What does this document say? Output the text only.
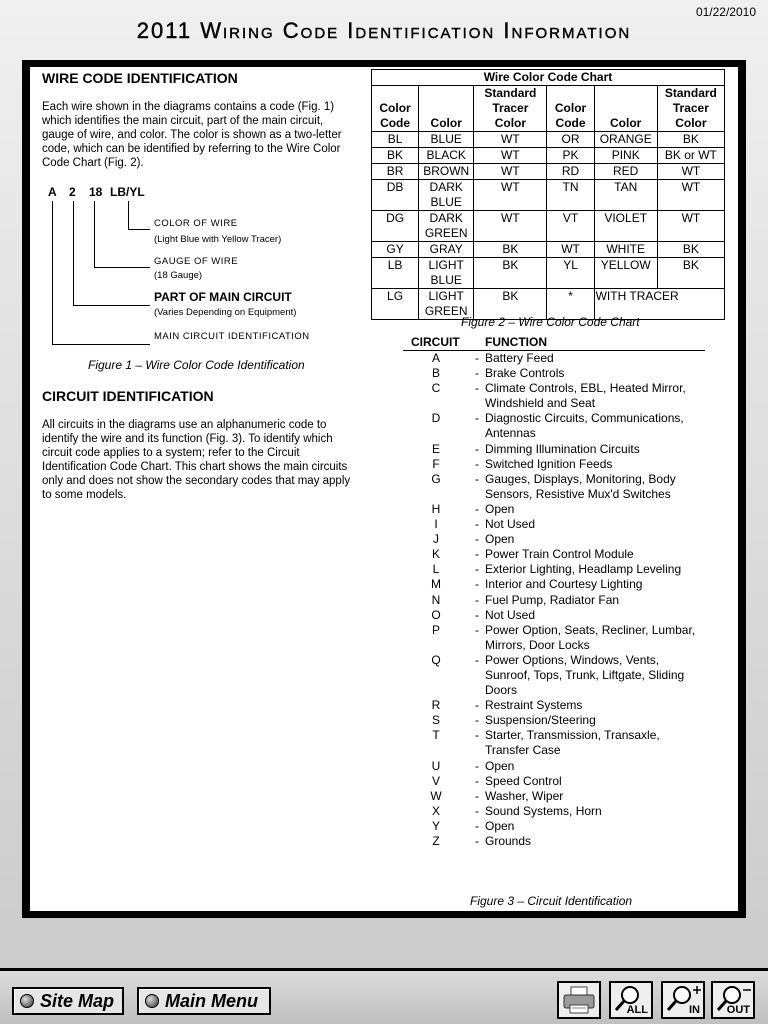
01/22/2010
2011 Wiring Code Identification Information
WIRE CODE IDENTIFICATION

Each wire shown in the diagrams contains a code (Fig. 1) which identifies the main circuit, part of the main circuit, gauge of wire, and color. The color is shown as a two-letter code, which can be identified by referring to the Wire Color Code Chart (Fig. 2).

A 2 18 LB/YL
COLOR OF WIRE
(Light Blue with Yellow Tracer)
GAUGE OF WIRE
(18 Gauge)
PART OF MAIN CIRCUIT
(Varies Depending on Equipment)
MAIN CIRCUIT IDENTIFICATION
Figure 1 – Wire Color Code Identification
CIRCUIT IDENTIFICATION

All circuits in the diagrams use an alphanumeric code to identify the wire and its function (Fig. 3). To identify which circuit code applies to a system; refer to the Circuit Identification Code Chart. This chart shows the main circuits only and does not show the secondary codes that may apply to some models.

Wire Color Code Chart					
Color Code	Color	Standard Tracer Color	Color Code	Color	Standard Tracer Color
BL	BLUE	WT	OR	ORANGE	BK
BK	BLACK	WT	PK	PINK	BK or WT
BR	BROWN	WT	RD	RED	WT
DB	DARK BLUE	WT	TN	TAN	WT
DG	DARK GREEN	WT	VT	VIOLET	WT
GY	GRAY	BK	WT	WHITE	BK
LB	LIGHT BLUE	BK	YL	YELLOW	BK
LG	LIGHT GREEN	BK	*	WITH TRACER	
Figure 2 – Wire Color Code Chart
CIRCUIT	FUNCTION
A	- Battery Feed
B	- Brake Controls
C	- Climate Controls, EBL, Heated Mirror, Windshield and Seat
D	- Diagnostic Circuits, Communications, Antennas
E	- Dimming Illumination Circuits
F	- Switched Ignition Feeds
G	- Gauges, Displays, Monitoring, Body Sensors, Resistive Mux'd Switches
H	- Open
I	- Not Used
J	- Open
K	- Power Train Control Module
L	- Exterior Lighting, Headlamp Leveling
M	- Interior and Courtesy Lighting
N	- Fuel Pump, Radiator Fan
O	- Not Used
P	- Power Option, Seats, Recliner, Lumbar, Mirrors, Door Locks
Q	- Power Options, Windows, Vents, Sunroof, Tops, Trunk, Liftgate, Sliding Doors
R	- Restraint Systems
S	- Suspension/Steering
T	- Starter, Transmission, Transaxle, Transfer Case
U	- Open
V	- Speed Control
W	- Washer, Wiper
X	- Sound Systems, Horn
Y	- Open
Z	- Grounds
Figure 3 – Circuit Identification
Site Map	Main Menu	ALL	IN OUT
